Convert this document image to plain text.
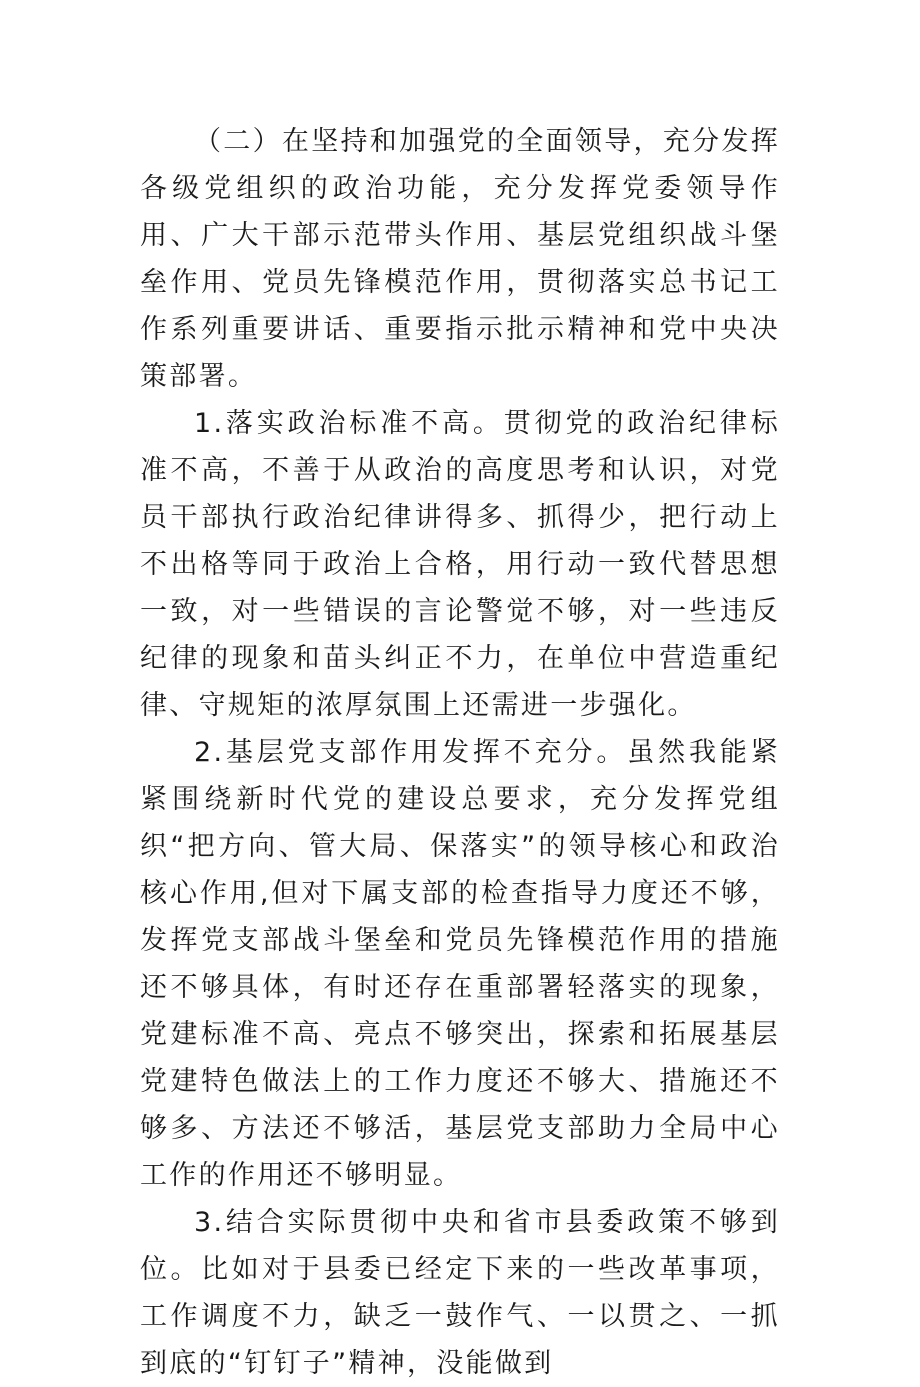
（二）在坚持和加强党的全面领导，充分发挥各级党组织的政治功能，充分发挥党委领导作用、广大干部示范带头作用、基层党组织战斗堡垒作用、党员先锋模范作用，贯彻落实总书记工作系列重要讲话、重要指示批示精神和党中央决策部署。

1.落实政治标准不高。贯彻党的政治纪律标准不高，不善于从政治的高度思考和认识，对党员干部执行政治纪律讲得多、抓得少，把行动上不出格等同于政治上合格，用行动一致代替思想一致，对一些错误的言论警觉不够，对一些违反纪律的现象和苗头纠正不力，在单位中营造重纪律、守规矩的浓厚氛围上还需进一步强化。

2.基层党支部作用发挥不充分。虽然我能紧紧围绕新时代党的建设总要求，充分发挥党组织“把方向、管大局、保落实”的领导核心和政治核心作用,但对下属支部的检查指导力度还不够，发挥党支部战斗堡垒和党员先锋模范作用的措施还不够具体，有时还存在重部署轻落实的现象，党建标准不高、亮点不够突出，探索和拓展基层党建特色做法上的工作力度还不够大、措施还不够多、方法还不够活，基层党支部助力全局中心工作的作用还不够明显。

3.结合实际贯彻中央和省市县委政策不够到位。比如对于县委已经定下来的一些改革事项，工作调度不力，缺乏一鼓作气、一以贯之、一抓到底的“钉钉子”精神，没能做到
